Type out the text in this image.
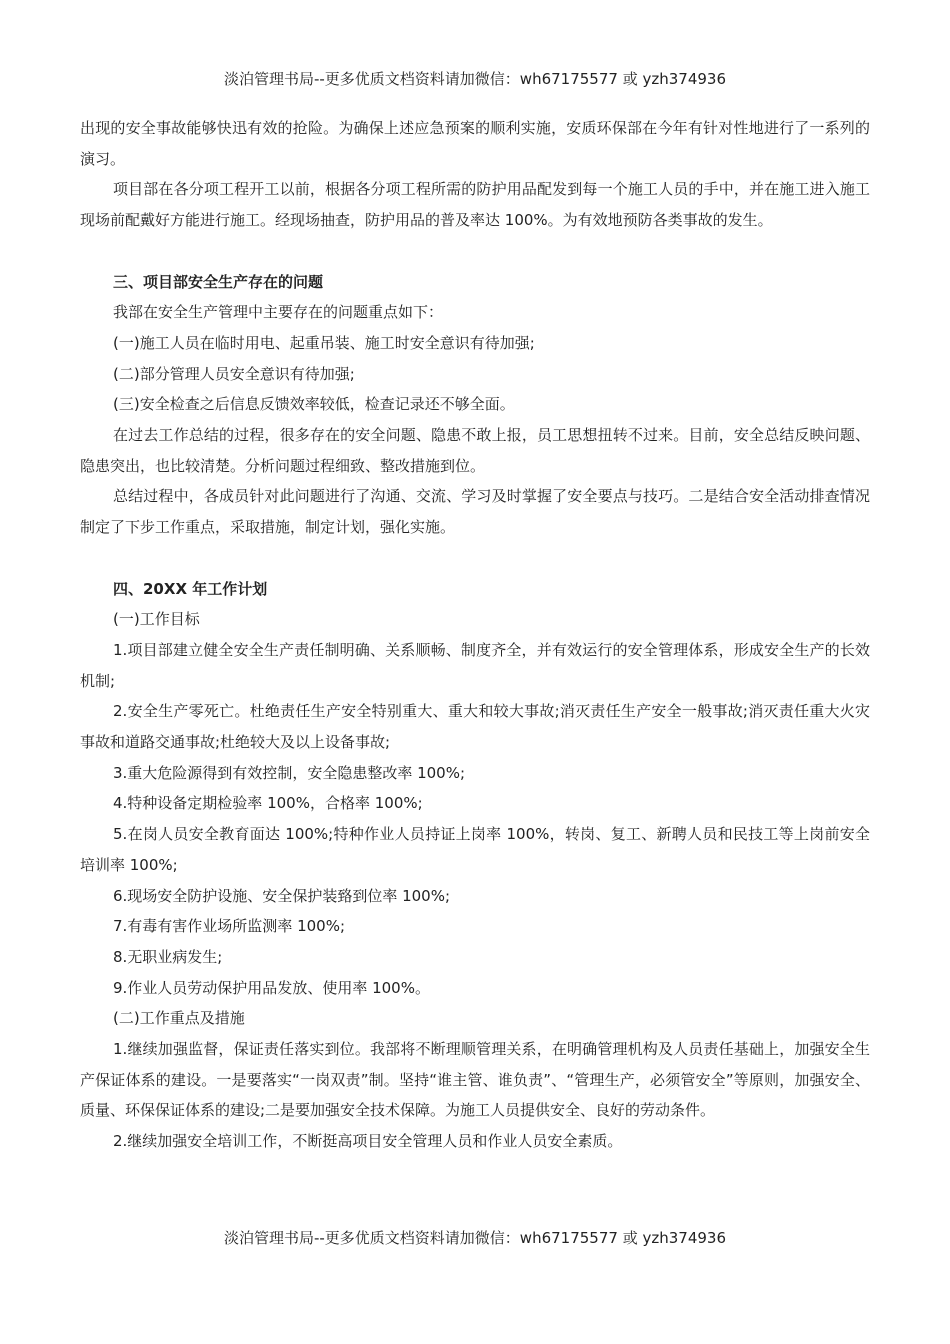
淡泊管理书局--更多优质文档资料请加微信：wh67175577 或 yzh374936

出现的安全事故能够快迅有效的抢险。为确保上述应急预案的顺利实施，安质环保部在今年有针对性地进行了一系列的演习。

项目部在各分项工程开工以前，根据各分项工程所需的防护用品配发到每一个施工人员的手中，并在施工进入施工现场前配戴好方能进行施工。经现场抽查，防护用品的普及率达 100%。为有效地预防各类事故的发生。

三、项目部安全生产存在的问题

我部在安全生产管理中主要存在的问题重点如下：

(一)施工人员在临时用电、起重吊装、施工时安全意识有待加强;

(二)部分管理人员安全意识有待加强;

(三)安全检查之后信息反馈效率较低，检查记录还不够全面。

在过去工作总结的过程，很多存在的安全问题、隐患不敢上报，员工思想扭转不过来。目前，安全总结反映问题、隐患突出，也比较清楚。分析问题过程细致、整改措施到位。

总结过程中，各成员针对此问题进行了沟通、交流、学习及时掌握了安全要点与技巧。二是结合安全活动排查情况制定了下步工作重点，采取措施，制定计划，强化实施。

四、20XX 年工作计划

(一)工作目标

1.项目部建立健全安全生产责任制明确、关系顺畅、制度齐全，并有效运行的安全管理体系，形成安全生产的长效机制;

2.安全生产零死亡。杜绝责任生产安全特别重大、重大和较大事故;消灭责任生产安全一般事故;消灭责任重大火灾事故和道路交通事故;杜绝较大及以上设备事故;

3.重大危险源得到有效控制，安全隐患整改率 100%;

4.特种设备定期检验率 100%，合格率 100%;

5.在岗人员安全教育面达 100%;特种作业人员持证上岗率 100%，转岗、复工、新聘人员和民技工等上岗前安全培训率 100%;

6.现场安全防护设施、安全保护装臵到位率 100%;

7.有毒有害作业场所监测率 100%;

8.无职业病发生;

9.作业人员劳动保护用品发放、使用率 100%。

(二)工作重点及措施

1.继续加强监督，保证责任落实到位。我部将不断理顺管理关系，在明确管理机构及人员责任基础上，加强安全生产保证体系的建设。一是要落实“一岗双责”制。坚持“谁主管、谁负责”、“管理生产，必须管安全”等原则，加强安全、质量、环保保证体系的建设;二是要加强安全技术保障。为施工人员提供安全、良好的劳动条件。

2.继续加强安全培训工作，不断挺高项目安全管理人员和作业人员安全素质。

淡泊管理书局--更多优质文档资料请加微信：wh67175577 或 yzh374936
